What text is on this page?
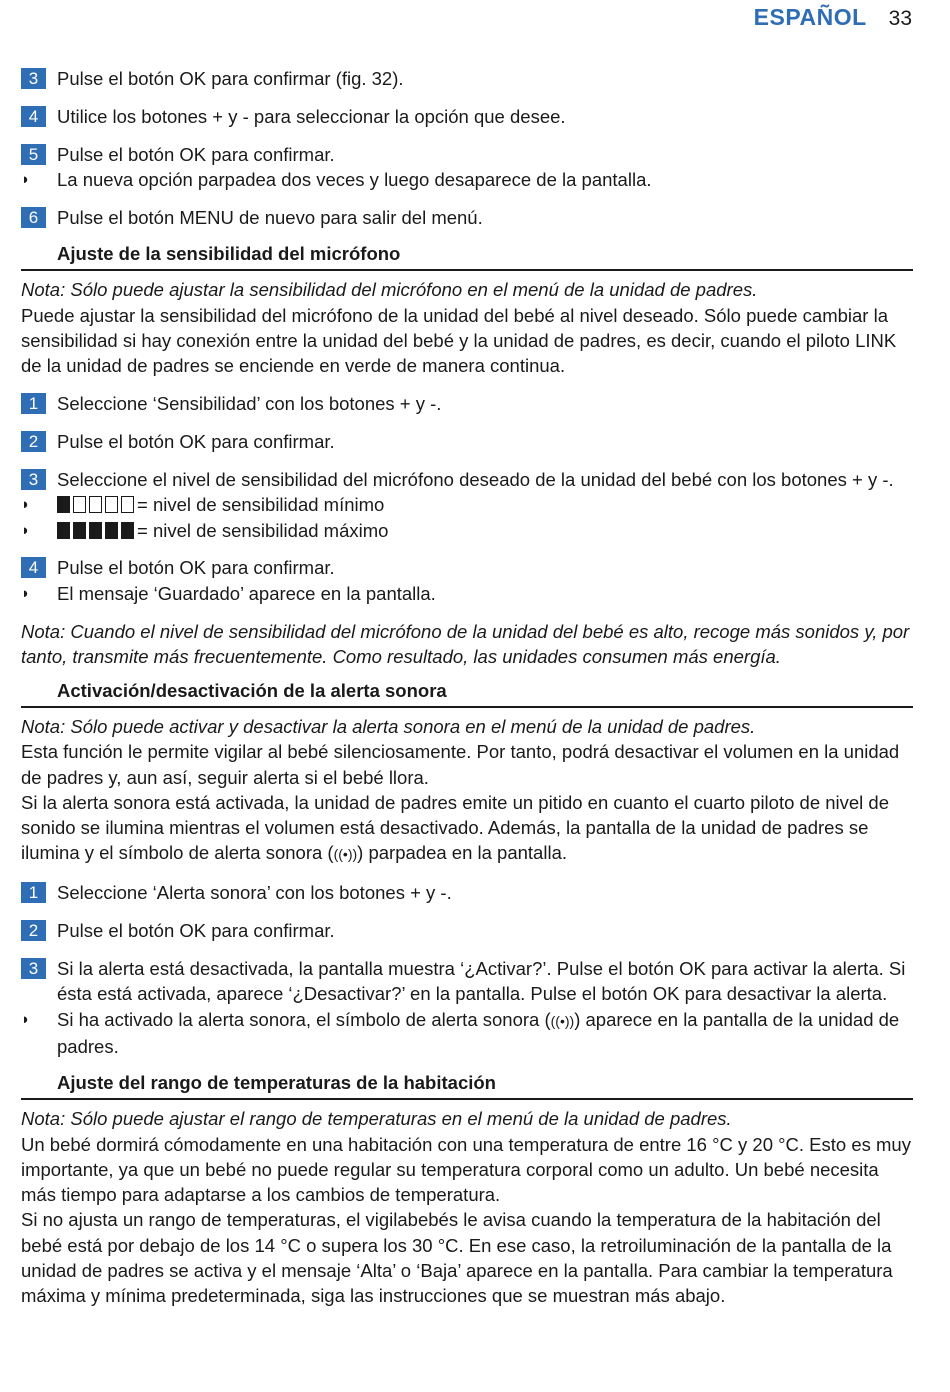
ESPAÑOL 33
3	Pulse el botón OK para confirmar (fig. 32).
4	Utilice los botones + y - para seleccionar la opción que desee.
5	Pulse el botón OK para confirmar.
◗ La nueva opción parpadea dos veces y luego desaparece de la pantalla.
6	Pulse el botón MENU de nuevo para salir del menú.
Ajuste de la sensibilidad del micrófono

Nota: Sólo puede ajustar la sensibilidad del micrófono en el menú de la unidad de padres.

Puede ajustar la sensibilidad del micrófono de la unidad del bebé al nivel deseado. Sólo puede cambiar la sensibilidad si hay conexión entre la unidad del bebé y la unidad de padres, es decir, cuando el piloto LINK de la unidad de padres se enciende en verde de manera continua.

1	Seleccione ‘Sensibilidad’ con los botones + y -.
2	Pulse el botón OK para confirmar.
3	Seleccione el nivel de sensibilidad del micrófono deseado de la unidad del bebé con los botones + y -.
◗	= nivel de sensibilidad mínimo
◗	= nivel de sensibilidad máximo
4	Pulse el botón OK para confirmar.
◗ El mensaje ‘Guardado’ aparece en la pantalla.

Nota: Cuando el nivel de sensibilidad del micrófono de la unidad del bebé es alto, recoge más sonidos y, por tanto, transmite más frecuentemente. Como resultado, las unidades consumen más energía.

Activación/desactivación de la alerta sonora

Nota: Sólo puede activar y desactivar la alerta sonora en el menú de la unidad de padres.

Esta función le permite vigilar al bebé silenciosamente. Por tanto, podrá desactivar el volumen en la unidad de padres y, aun así, seguir alerta si el bebé llora.

Si la alerta sonora está activada, la unidad de padres emite un pitido en cuanto el cuarto piloto de nivel de sonido se ilumina mientras el volumen está desactivado. Además, la pantalla de la unidad de padres se ilumina y el símbolo de alerta sonora (((•))) parpadea en la pantalla.

1	Seleccione ‘Alerta sonora’ con los botones + y -.
2	Pulse el botón OK para confirmar.
3	Si la alerta está desactivada, la pantalla muestra ‘¿Activar?’. Pulse el botón OK para activar la alerta. Si ésta está activada, aparece ‘¿Desactivar?’ en la pantalla. Pulse el botón OK para desactivar la alerta.
◗ Si ha activado la alerta sonora, el símbolo de alerta sonora (((•))) aparece en la pantalla de la unidad de padres.
Ajuste del rango de temperaturas de la habitación

Nota: Sólo puede ajustar el rango de temperaturas en el menú de la unidad de padres.

Un bebé dormirá cómodamente en una habitación con una temperatura de entre 16 °C y 20 °C. Esto es muy importante, ya que un bebé no puede regular su temperatura corporal como un adulto. Un bebé necesita más tiempo para adaptarse a los cambios de temperatura.

Si no ajusta un rango de temperaturas, el vigilabebés le avisa cuando la temperatura de la habitación del bebé está por debajo de los 14 °C o supera los 30 °C. En ese caso, la retroiluminación de la pantalla de la unidad de padres se activa y el mensaje ‘Alta’ o ‘Baja’ aparece en la pantalla. Para cambiar la temperatura máxima y mínima predeterminada, siga las instrucciones que se muestran más abajo.
